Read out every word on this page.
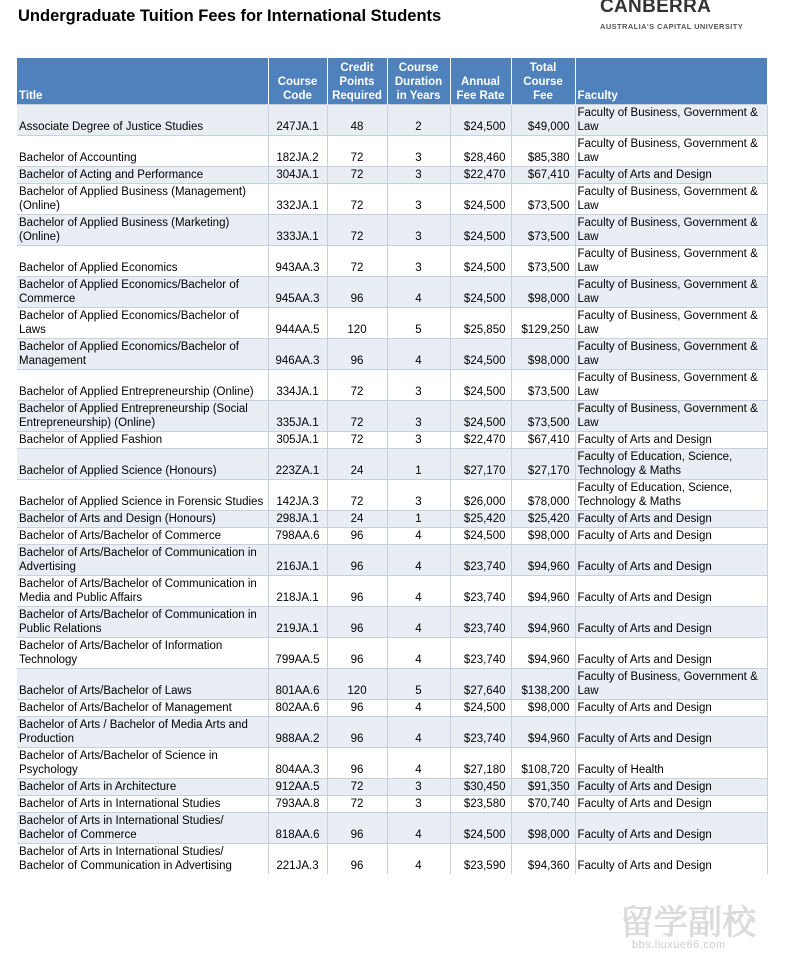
Undergraduate Tuition Fees for International Students	CANBERRA
AUSTRALIA'S CAPITAL UNIVERSITY
Title	Course Code	Credit Points Required	Course Duration in Years	Annual Fee Rate	Total Course Fee	Faculty
Associate Degree of Justice Studies	247JA.1	48	2	$24,500	$49,000	Faculty of Business, Government & Law
Bachelor of Accounting	182JA.2	72	3	$28,460	$85,380	Faculty of Business, Government & Law
Bachelor of Acting and Performance	304JA.1	72	3	$22,470	$67,410	Faculty of Arts and Design
Bachelor of Applied Business (Management) (Online)	332JA.1	72	3	$24,500	$73,500	Faculty of Business, Government & Law
Bachelor of Applied Business (Marketing) (Online)	333JA.1	72	3	$24,500	$73,500	Faculty of Business, Government & Law
Bachelor of Applied Economics	943AA.3	72	3	$24,500	$73,500	Faculty of Business, Government & Law
Bachelor of Applied Economics/Bachelor of Commerce	945AA.3	96	4	$24,500	$98,000	Faculty of Business, Government & Law
Bachelor of Applied Economics/Bachelor of Laws	944AA.5	120	5	$25,850	$129,250	Faculty of Business, Government & Law
Bachelor of Applied Economics/Bachelor of Management	946AA.3	96	4	$24,500	$98,000	Faculty of Business, Government & Law
Bachelor of Applied Entrepreneurship (Online)	334JA.1	72	3	$24,500	$73,500	Faculty of Business, Government & Law
Bachelor of Applied Entrepreneurship (Social Entrepreneurship) (Online)	335JA.1	72	3	$24,500	$73,500	Faculty of Business, Government & Law
Bachelor of Applied Fashion	305JA.1	72	3	$22,470	$67,410	Faculty of Arts and Design
Bachelor of Applied Science (Honours)	223ZA.1	24	1	$27,170	$27,170	Faculty of Education, Science, Technology & Maths
Bachelor of Applied Science in Forensic Studies	142JA.3	72	3	$26,000	$78,000	Faculty of Education, Science, Technology & Maths
Bachelor of Arts and Design (Honours)	298JA.1	24	1	$25,420	$25,420	Faculty of Arts and Design
Bachelor of Arts/Bachelor of Commerce	798AA.6	96	4	$24,500	$98,000	Faculty of Arts and Design
Bachelor of Arts/Bachelor of Communication in Advertising	216JA.1	96	4	$23,740	$94,960	Faculty of Arts and Design
Bachelor of Arts/Bachelor of Communication in Media and Public Affairs	218JA.1	96	4	$23,740	$94,960	Faculty of Arts and Design
Bachelor of Arts/Bachelor of Communication in Public Relations	219JA.1	96	4	$23,740	$94,960	Faculty of Arts and Design
Bachelor of Arts/Bachelor of Information Technology	799AA.5	96	4	$23,740	$94,960	Faculty of Arts and Design
Bachelor of Arts/Bachelor of Laws	801AA.6	120	5	$27,640	$138,200	Faculty of Business, Government & Law
Bachelor of Arts/Bachelor of Management	802AA.6	96	4	$24,500	$98,000	Faculty of Arts and Design
Bachelor of Arts / Bachelor of Media Arts and Production	988AA.2	96	4	$23,740	$94,960	Faculty of Arts and Design
Bachelor of Arts/Bachelor of Science in Psychology	804AA.3	96	4	$27,180	$108,720	Faculty of Health
Bachelor of Arts in Architecture	912AA.5	72	3	$30,450	$91,350	Faculty of Arts and Design
Bachelor of Arts in International Studies	793AA.8	72	3	$23,580	$70,740	Faculty of Arts and Design
Bachelor of Arts in International Studies/ Bachelor of Commerce	818AA.6	96	4	$24,500	$98,000	Faculty of Arts and Design
Bachelor of Arts in International Studies/ Bachelor of Communication in Advertising	221JA.3	96	4	$23,590	$94,360	Faculty of Arts and Design
留学副校
bbs.liuxue86.com
